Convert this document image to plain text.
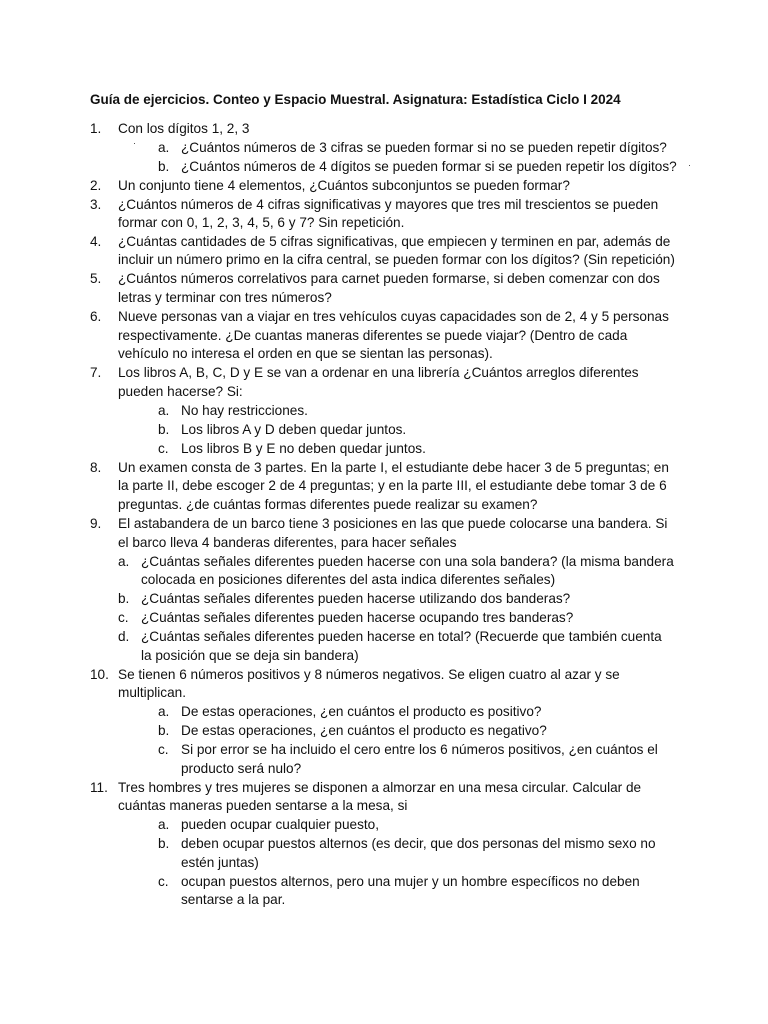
Guía de ejercicios. Conteo y Espacio Muestral. Asignatura: Estadística Ciclo I 2024
1. Con los dígitos 1, 2, 3
· a. ¿Cuántos números de 3 cifras se pueden formar si no se pueden repetir dígitos?
b. ¿Cuántos números de 4 dígitos se pueden formar si se pueden repetir los dígitos? ·
2. Un conjunto tiene 4 elementos, ¿Cuántos subconjuntos se pueden formar?
3. ¿Cuántos números de 4 cifras significativas y mayores que tres mil trescientos se pueden
formar con 0, 1, 2, 3, 4, 5, 6 y 7? Sin repetición.
4. ¿Cuántas cantidades de 5 cifras significativas, que empiecen y terminen en par, además de
incluir un número primo en la cifra central, se pueden formar con los dígitos? (Sin repetición)
5. ¿Cuántos números correlativos para carnet pueden formarse, si deben comenzar con dos
letras y terminar con tres números?
6. Nueve personas van a viajar en tres vehículos cuyas capacidades son de 2, 4 y 5 personas
respectivamente. ¿De cuantas maneras diferentes se puede viajar? (Dentro de cada
vehículo no interesa el orden en que se sientan las personas).
7. Los libros A, B, C, D y E se van a ordenar en una librería ¿Cuántos arreglos diferentes
pueden hacerse? Si:
a. No hay restricciones.
b. Los libros A y D deben quedar juntos.
c. Los libros B y E no deben quedar juntos.
8. Un examen consta de 3 partes. En la parte I, el estudiante debe hacer 3 de 5 preguntas; en
la parte II, debe escoger 2 de 4 preguntas; y en la parte III, el estudiante debe tomar 3 de 6
preguntas. ¿de cuántas formas diferentes puede realizar su examen?
9. El astabandera de un barco tiene 3 posiciones en las que puede colocarse una bandera. Si
el barco lleva 4 banderas diferentes, para hacer señales
a. ¿Cuántas señales diferentes pueden hacerse con una sola bandera? (la misma bandera
colocada en posiciones diferentes del asta indica diferentes señales)
b. ¿Cuántas señales diferentes pueden hacerse utilizando dos banderas?
c. ¿Cuántas señales diferentes pueden hacerse ocupando tres banderas?
d. ¿Cuántas señales diferentes pueden hacerse en total? (Recuerde que también cuenta
la posición que se deja sin bandera)
10. Se tienen 6 números positivos y 8 números negativos. Se eligen cuatro al azar y se
multiplican.
a. De estas operaciones, ¿en cuántos el producto es positivo?
b. De estas operaciones, ¿en cuántos el producto es negativo?
c. Si por error se ha incluido el cero entre los 6 números positivos, ¿en cuántos el
producto será nulo?
11. Tres hombres y tres mujeres se disponen a almorzar en una mesa circular. Calcular de
cuántas maneras pueden sentarse a la mesa, si
a. pueden ocupar cualquier puesto,
b. deben ocupar puestos alternos (es decir, que dos personas del mismo sexo no
estén juntas)
c. ocupan puestos alternos, pero una mujer y un hombre específicos no deben
sentarse a la par.
